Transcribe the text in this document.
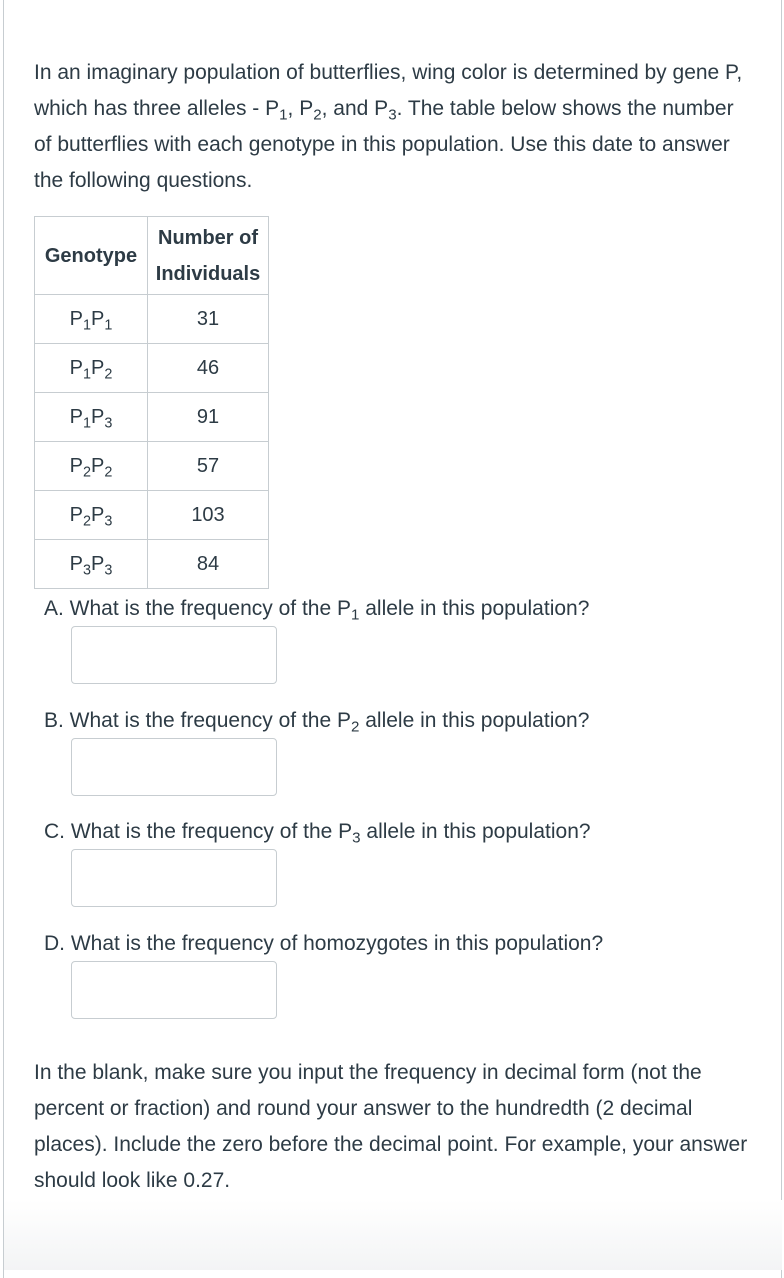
In an imaginary population of butterflies, wing color is determined by gene P, which has three alleles - $P_1$, $P_2$, and $P_3$. The table below shows the number of butterflies with each genotype in this population. Use this date to answer the following questions.

Genotype	Number of Individuals
$P_1P_1$	31
$P_1P_2$	46
$P_1P_3$	91
$P_2P_2$	57
$P_2P_3$	103
$P_3P_3$	84

A. What is the frequency of the $P_1$ allele in this population?

B. What is the frequency of the $P_2$ allele in this population?

C. What is the frequency of the $P_3$ allele in this population?

D. What is the frequency of homozygotes in this population?

In the blank, make sure you input the frequency in decimal form (not the percent or fraction) and round your answer to the hundredth (2 decimal places). Include the zero before the decimal point. For example, your answer should look like 0.27.
